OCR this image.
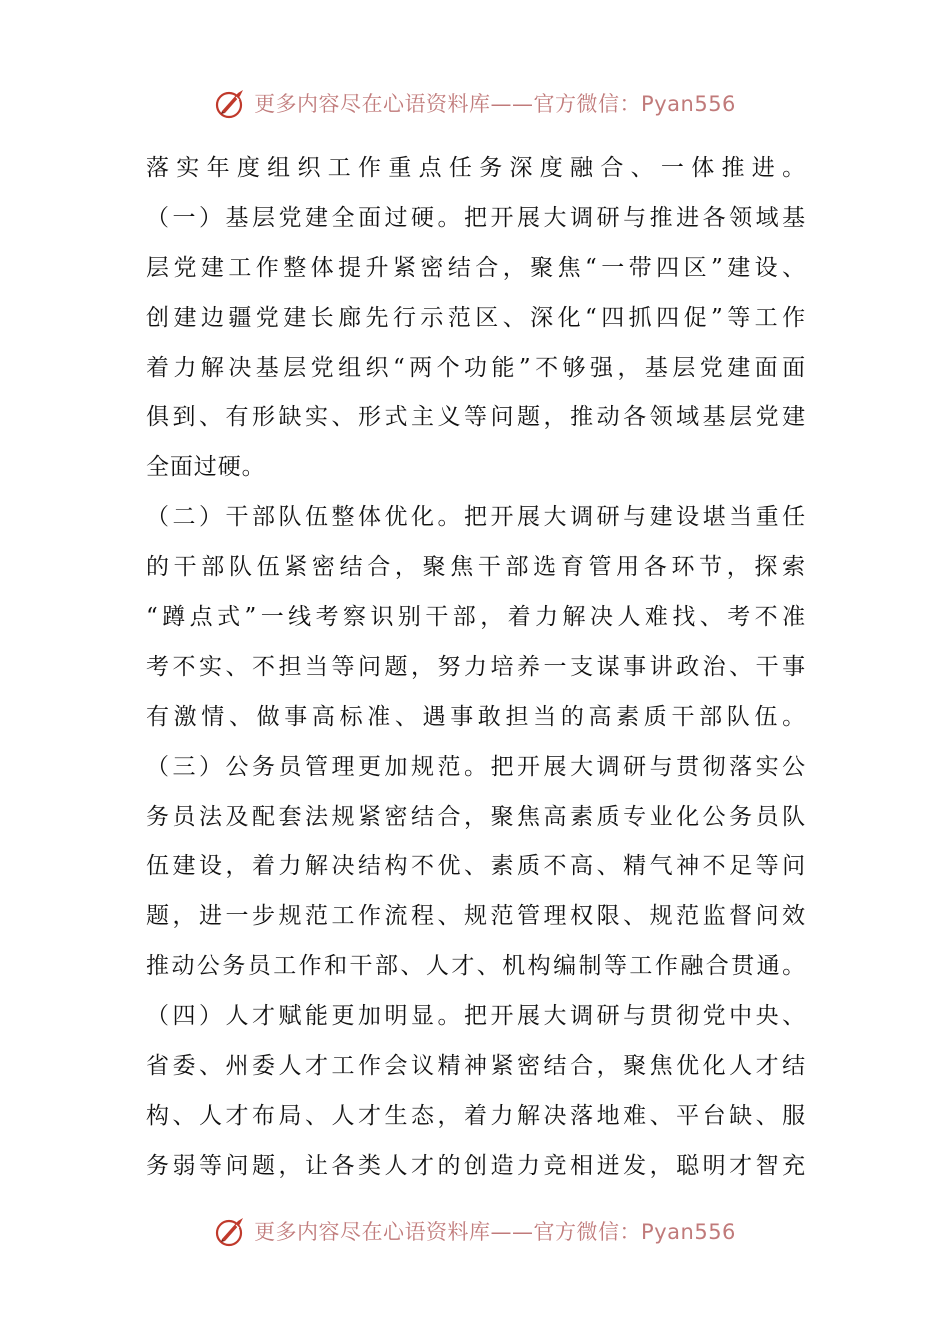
更多内容尽在心语资料库——官方微信：Pyan556
落实年度组织工作重点任务深度融合、一体推进。
（一）基层党建全面过硬。把开展大调研与推进各领域基
层党建工作整体提升紧密结合，聚焦“一带四区”建设、
创建边疆党建长廊先行示范区、深化“四抓四促”等工作
着力解决基层党组织“两个功能”不够强，基层党建面面
俱到、有形缺实、形式主义等问题，推动各领域基层党建
全面过硬。
（二）干部队伍整体优化。把开展大调研与建设堪当重任
的干部队伍紧密结合，聚焦干部选育管用各环节，探索
“蹲点式”一线考察识别干部，着力解决人难找、考不准
考不实、不担当等问题，努力培养一支谋事讲政治、干事
有激情、做事高标准、遇事敢担当的高素质干部队伍。
（三）公务员管理更加规范。把开展大调研与贯彻落实公
务员法及配套法规紧密结合，聚焦高素质专业化公务员队
伍建设，着力解决结构不优、素质不高、精气神不足等问
题，进一步规范工作流程、规范管理权限、规范监督问效
推动公务员工作和干部、人才、机构编制等工作融合贯通。
（四）人才赋能更加明显。把开展大调研与贯彻党中央、
省委、州委人才工作会议精神紧密结合，聚焦优化人才结
构、人才布局、人才生态，着力解决落地难、平台缺、服
务弱等问题，让各类人才的创造力竞相迸发，聪明才智充
更多内容尽在心语资料库——官方微信：Pyan556
